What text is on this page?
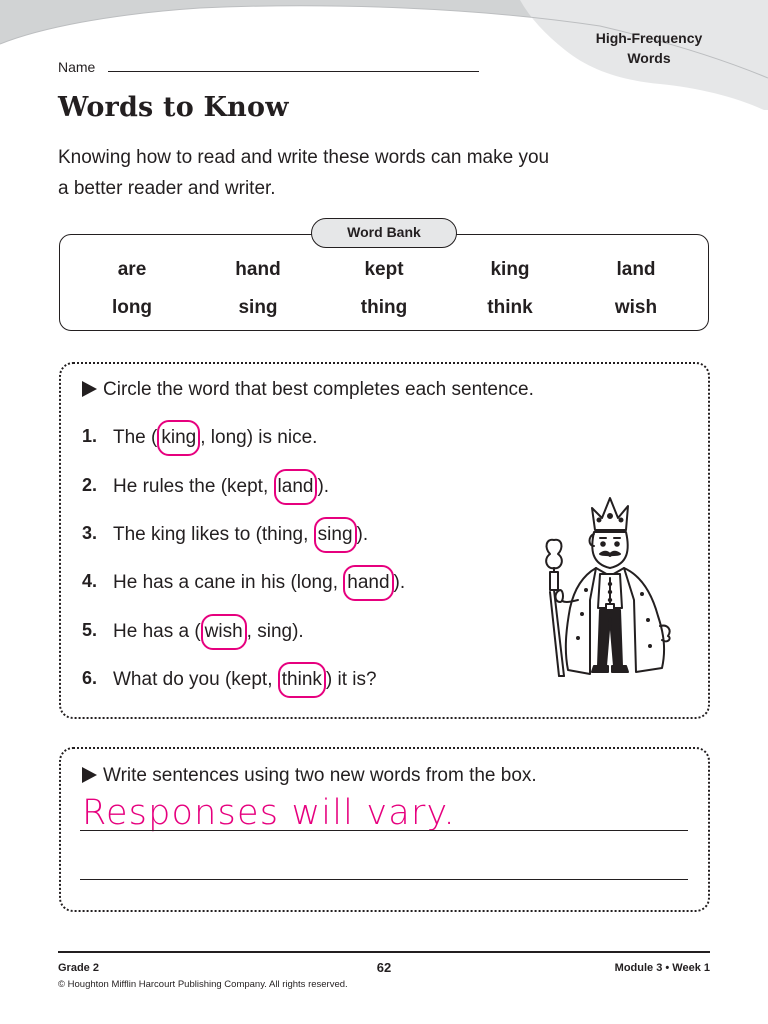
High-Frequency
Words
Name
Words to Know
Knowing how to read and write these words can make you
a better reader and writer.
Word Bank
are	hand	kept	king	land
long	sing	thing	think	wish
Circle the word that best completes each sentence.
1. The ( king , long) is nice.
2. He rules the (kept, land ).
3. The king likes to (thing, sing ).
4. He has a cane in his (long, hand ).
5. He has a ( wish , sing).
6. What do you (kept, think ) it is?
Write sentences using two new words from the box.
Responses will vary.
Grade 2
© Houghton Mifflin Harcourt Publishing Company. All rights reserved.
62	Module 3 • Week 1
